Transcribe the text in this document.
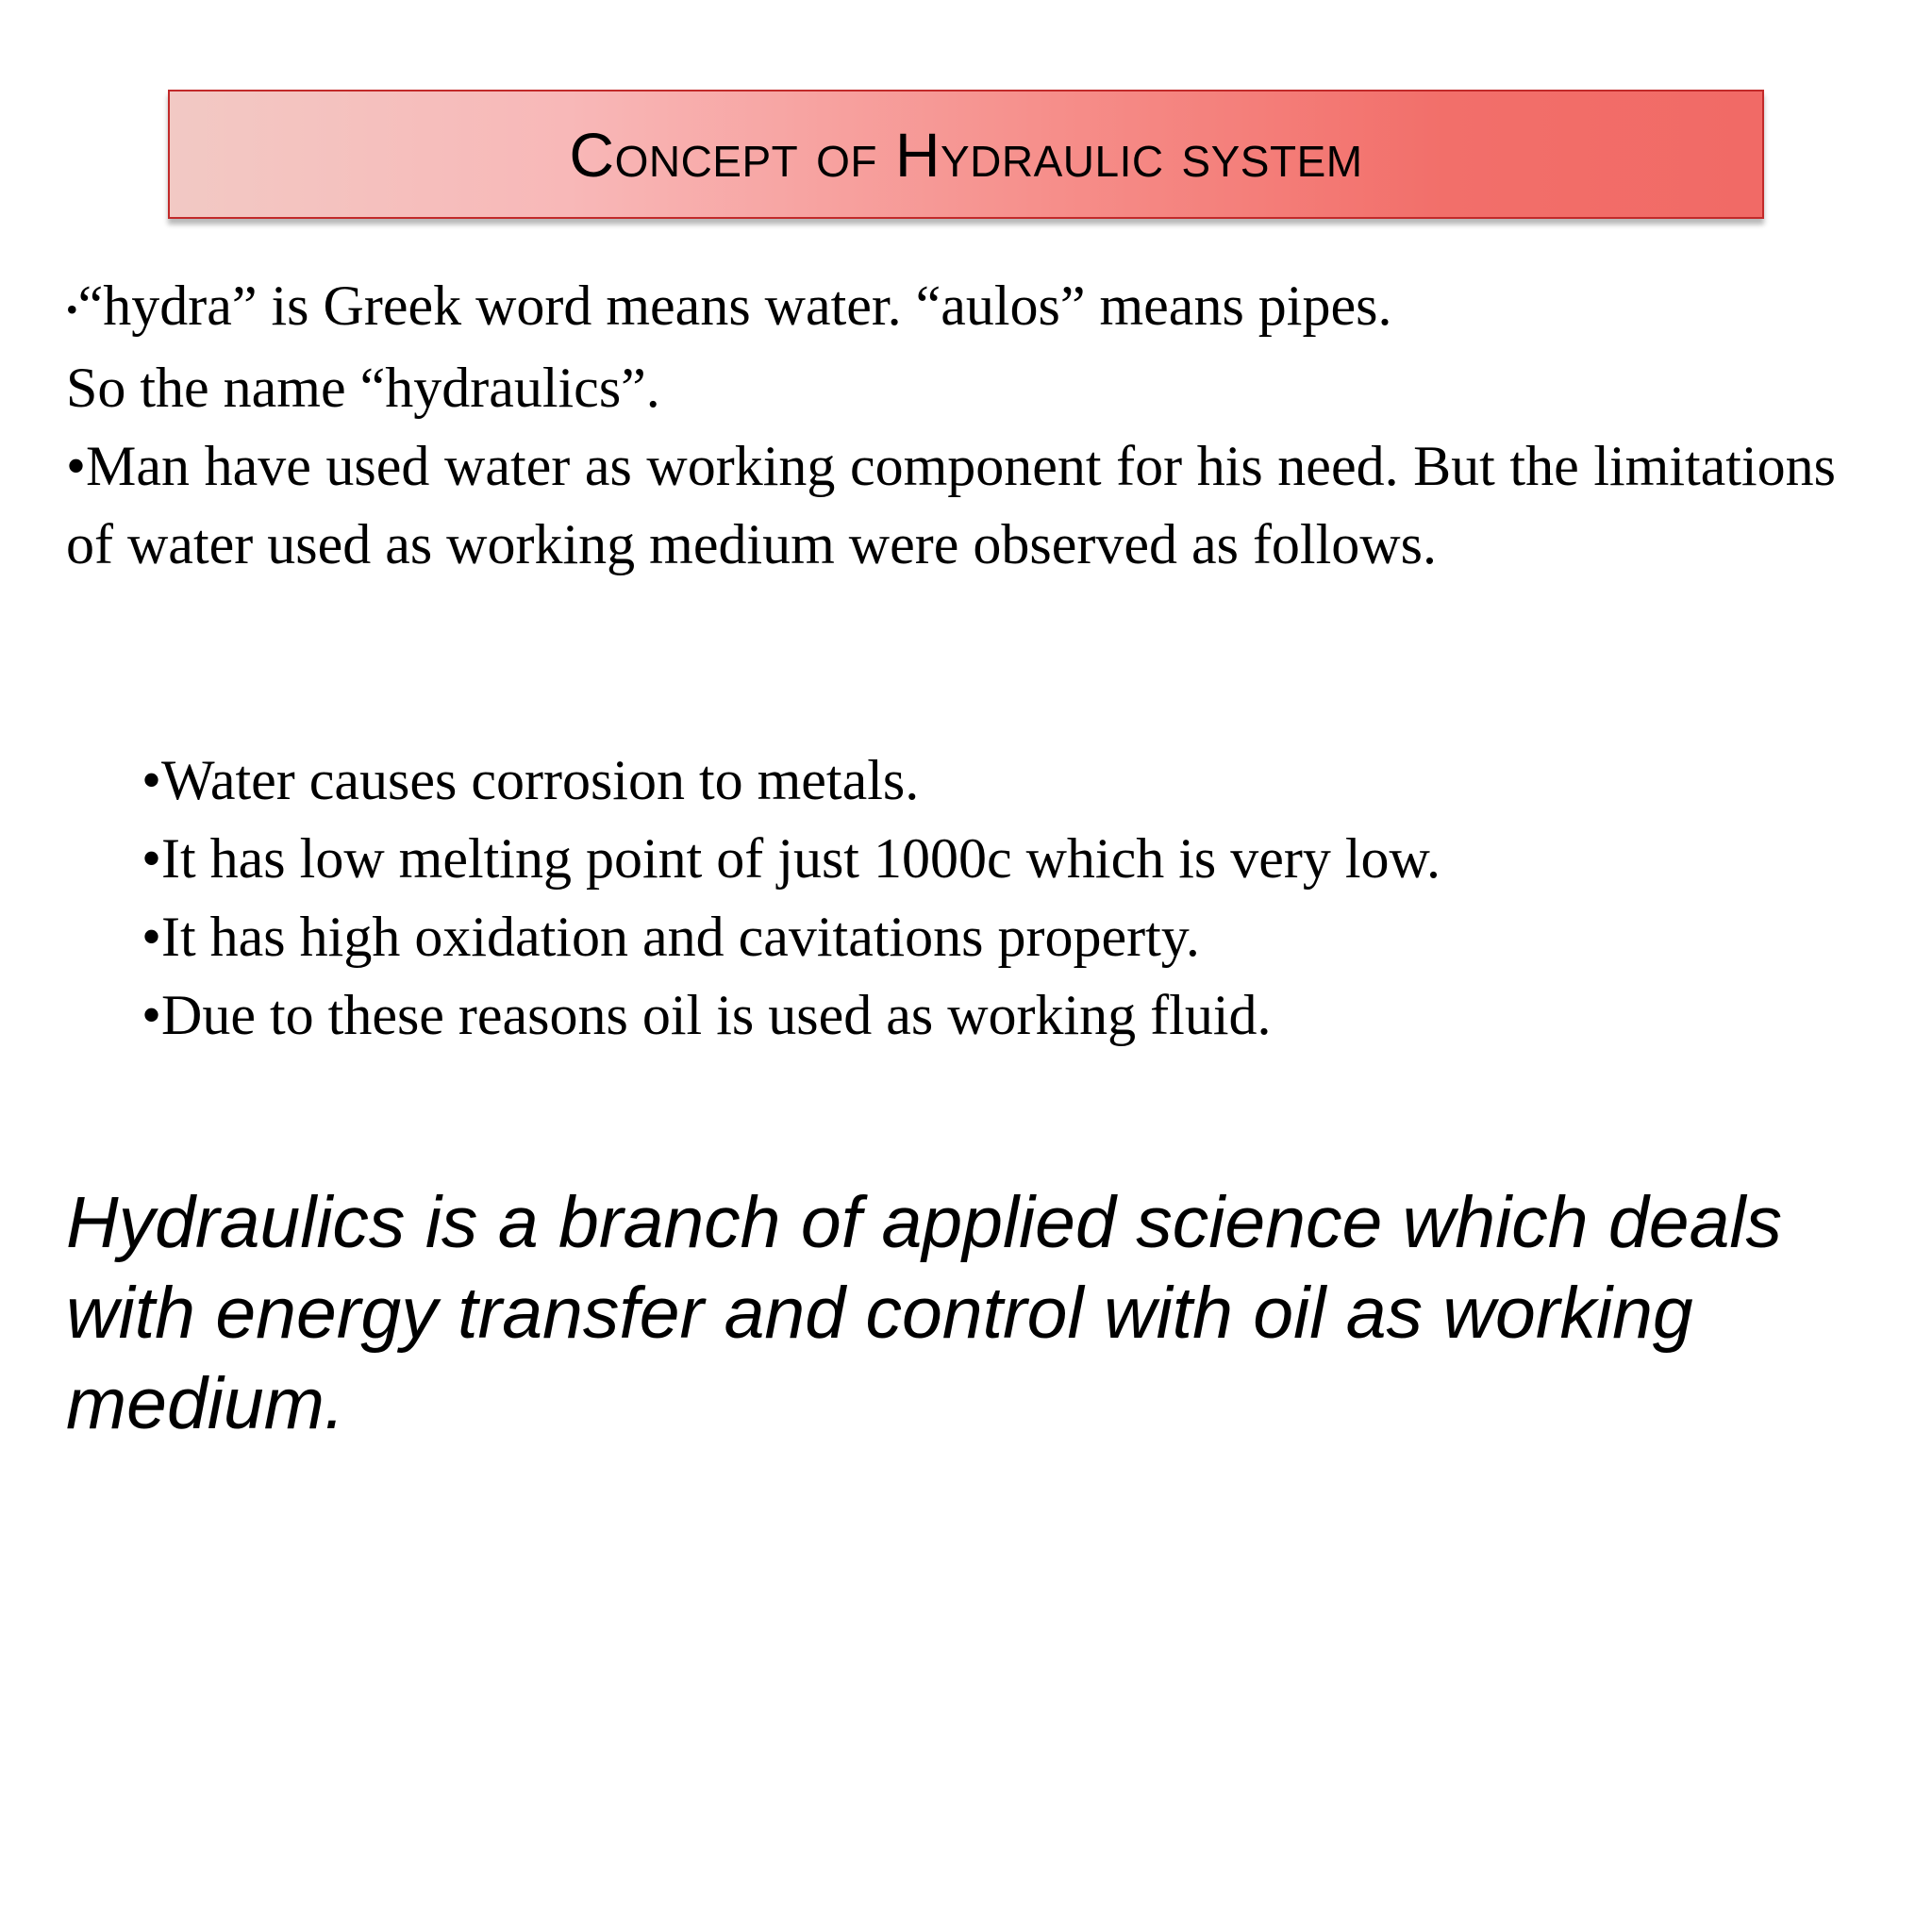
Concept of Hydraulic system

•“hydra” is Greek word means water. “aulos” means pipes.

So the name “hydraulics”.

•Man have used water as working component for his need. But the limitations of water used as working medium were observed as follows.

•Water causes corrosion to metals.

•It has low melting point of just 1000c which is very low.

•It has high oxidation and cavitations property.

•Due to these reasons oil is used as working fluid.

Hydraulics is a branch of applied science which deals with energy transfer and control with oil as working medium.
